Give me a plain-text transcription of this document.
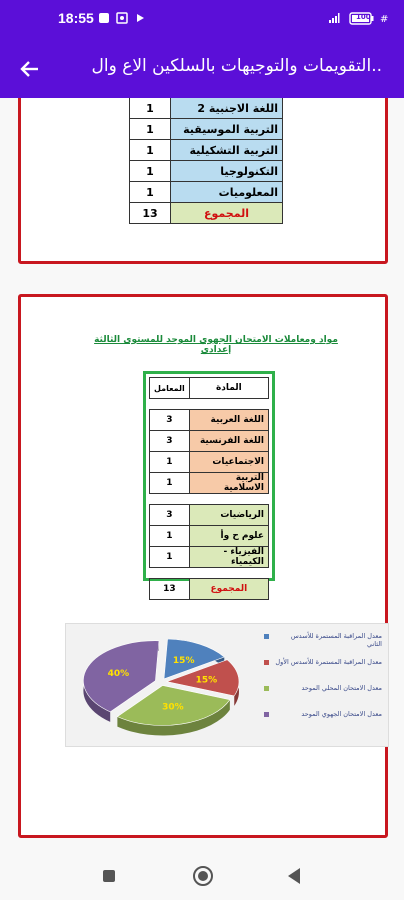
18:55	100 #
التقويمات والتوجيهات بالسلكين الاع وال..
1	اللغة الاجنبية 2
1	التربية الموسيقية
1	التربية التشكيلية
1	التكنولوجيا
1	المعلوميات
13	المجموع
مواد ومعاملات الامتحان الجهوي الموحد للمستوى الثالثة إعدادي
المعامل	المادة

3	اللغة العربية
3	اللغة الفرنسية
1	الاجتماعيات
1	التربية الاسلامية

3	الرياضيات
1	علوم ح وأ
1	الفيزياء - الكيمياء

13	المجموع
15%
15%
30%
40%
معدل المراقبة المستمرة للأسدس الثاني
معدل المراقبة المستمرة للأسدس الأول
معدل الامتحان المحلي الموحد
معدل الامتحان الجهوي الموحد
